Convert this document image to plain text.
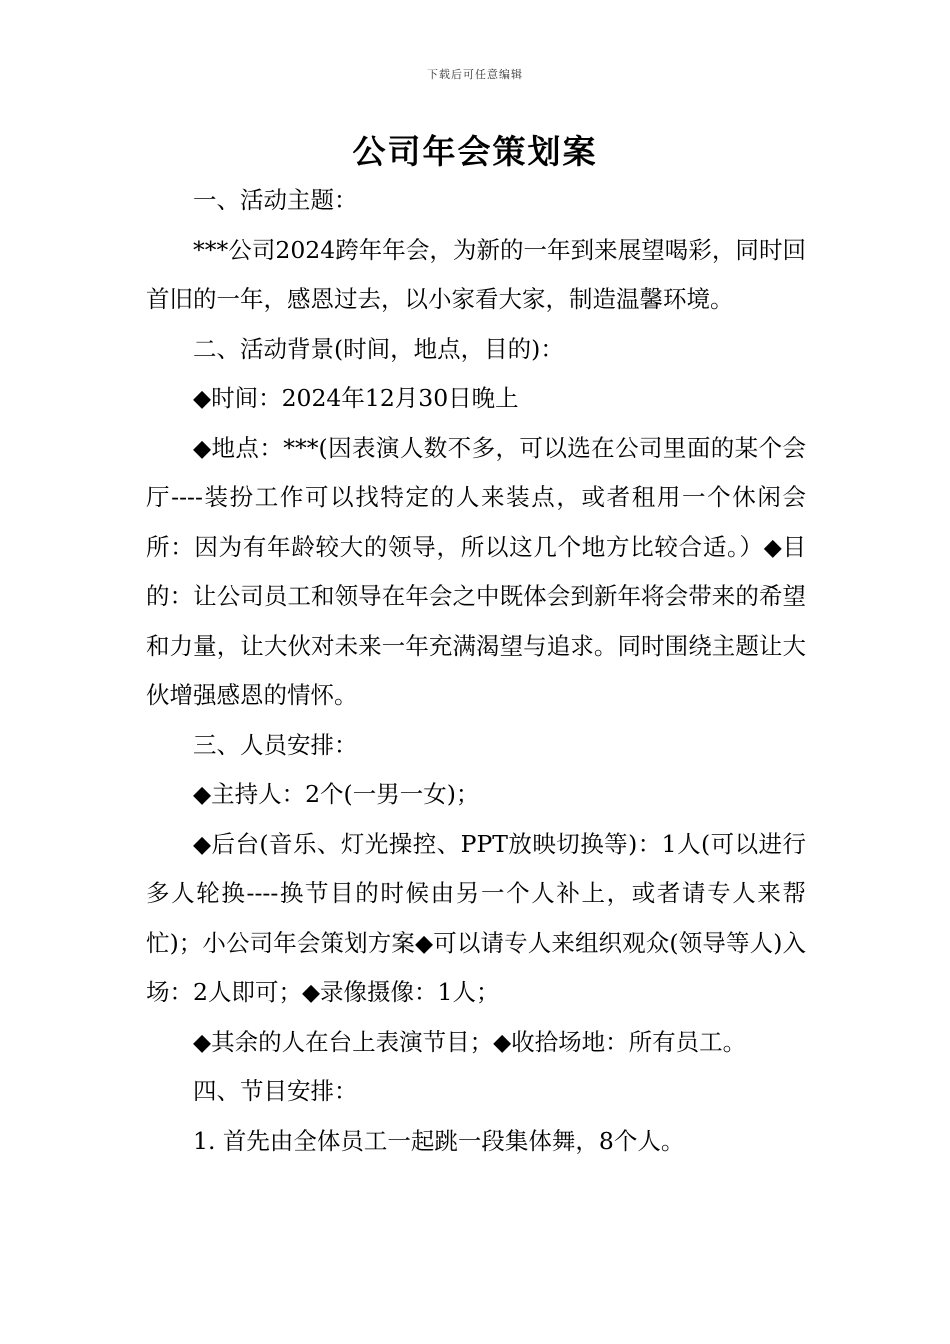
下载后可任意编辑
公司年会策划案

一、活动主题：

***公司2024跨年年会，为新的一年到来展望喝彩，同时回首旧的一年，感恩过去，以小家看大家，制造温馨环境。

二、活动背景(时间，地点，目的)：

◆时间：2024年12月30日晚上

◆地点：***(因表演人数不多，可以选在公司里面的某个会厅----装扮工作可以找特定的人来装点，或者租用一个休闲会所：因为有年龄较大的领导，所以这几个地方比较合适。）◆目的：让公司员工和领导在年会之中既体会到新年将会带来的希望和力量，让大伙对未来一年充满渴望与追求。同时围绕主题让大伙增强感恩的情怀。

三、人员安排：

◆主持人：2个(一男一女)；

◆后台(音乐、灯光操控、PPT放映切换等)：1人(可以进行多人轮换----换节目的时候由另一个人补上，或者请专人来帮忙)；小公司年会策划方案◆可以请专人来组织观众(领导等人)入场：2人即可；◆录像摄像：1人；

◆其余的人在台上表演节目；◆收拾场地：所有员工。

四、节目安排：

1. 首先由全体员工一起跳一段集体舞，8个人。
